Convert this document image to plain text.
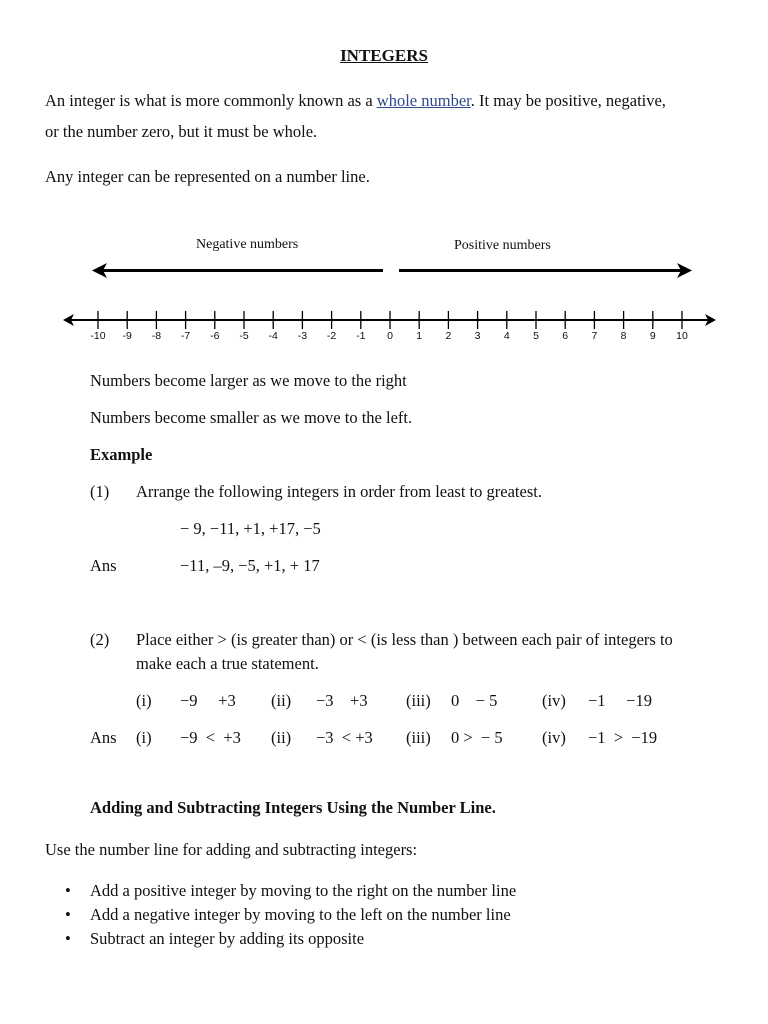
INTEGERS
An integer is what is more commonly known as a whole number. It may be positive, negative,
or the number zero, but it must be whole.
Any integer can be represented on a number line.
Negative numbers	Positive numbers
-10 -9 -8 -7 -6 -5 -4 -3 -2 -1 0 1 2 3 4 5 6 7 8 9 10
Numbers become larger as we move to the right
Numbers become smaller as we move to the left.
Example
(1) Arrange the following integers in order from least to greatest.
− 9, −11, +1, +17, −5
Ans	−11, –9, −5, +1, + 17
(2) Place either > (is greater than) or < (is less than ) between each pair of integers to
make each a true statement.
(i) −9     +3 (ii) −3    +3 (iii) 0    − 5	(iv) −1     −19
Ans (i) −9  <  +3 (ii) −3  < +3 (iii) 0 >  − 5 (iv) −1  >  −19
Adding and Subtracting Integers Using the Number Line.
Use the number line for adding and subtracting integers:
• Add a positive integer by moving to the right on the number line
• Add a negative integer by moving to the left on the number line
• Subtract an integer by adding its opposite
